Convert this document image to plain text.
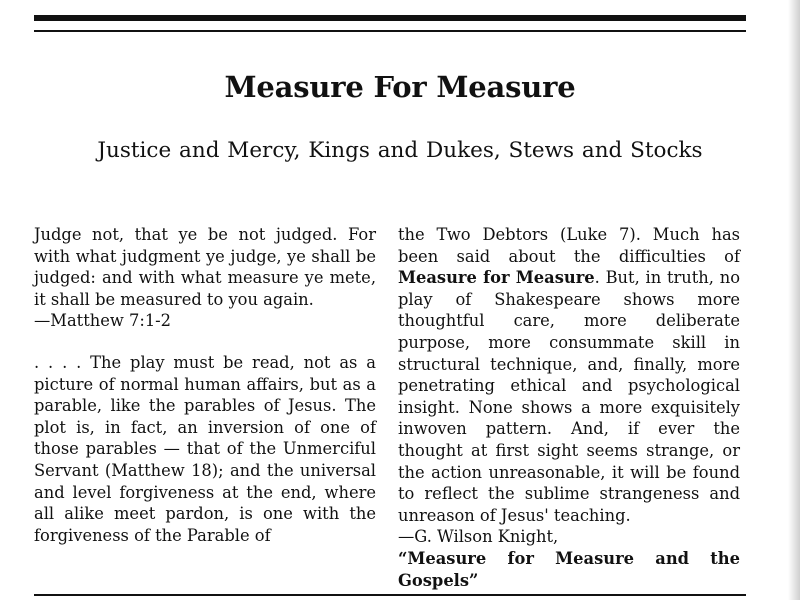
Measure For Measure
Justice and Mercy, Kings and Dukes, Stews and Stocks

Judge not, that ye be not judged. For with what judgment ye judge, ye shall be judged: and with what measure ye mete, it shall be measured to you again.

—Matthew 7:1-2

. . . . The play must be read, not as a picture of normal human affairs, but as a parable, like the parables of Jesus. The plot is, in fact, an inversion of one of those parables — that of the Unmerciful Servant (Matthew 18); and the universal and level forgiveness at the end, where all alike meet pardon, is one with the forgiveness of the Parable of

the Two Debtors (Luke 7). Much has been said about the difficulties of Measure for Measure. But, in truth, no play of Shakespeare shows more thoughtful care, more deliberate purpose, more consummate skill in structural technique, and, finally, more penetrating ethical and psychological insight. None shows a more exquisitely inwoven pattern. And, if ever the thought at first sight seems strange, or the action unreasonable, it will be found to reflect the sublime strangeness and unreason of Jesus' teaching.

—G. Wilson Knight,

“Measure for Measure and the Gospels”
